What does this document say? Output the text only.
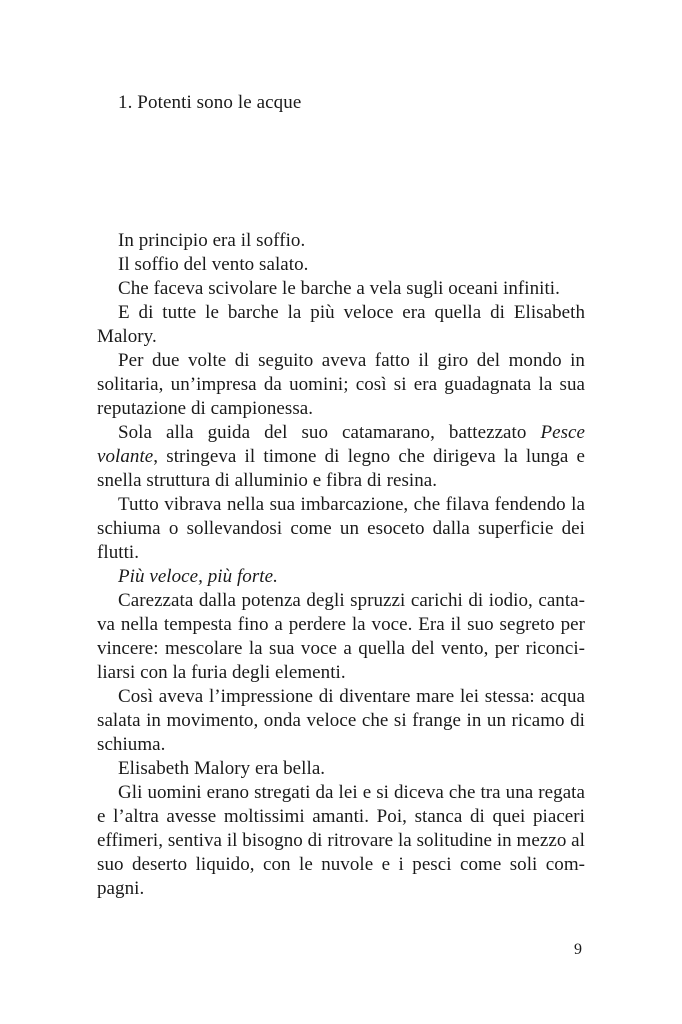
1. Potenti sono le acque

In principio era il soffio.

Il soffio del vento salato.

Che faceva scivolare le barche a vela sugli oceani infiniti.

E di tutte le barche la più veloce era quella di Elisabeth Malory.

Per due volte di seguito aveva fatto il giro del mondo in solitaria, un’impresa da uomini; così si era guadagnata la sua reputazione di campionessa.

Sola alla guida del suo catamarano, battezzato Pesce volante, stringeva il timone di legno che dirigeva la lunga e snella struttura di alluminio e fibra di resina.

Tutto vibrava nella sua imbarcazione, che filava fendendo la schiuma o sollevandosi come un esoceto dalla superficie dei flutti.

Più veloce, più forte.

Carezzata dalla potenza degli spruzzi carichi di iodio, cantava nella tempesta fino a perdere la voce. Era il suo segreto per vincere: mescolare la sua voce a quella del vento, per riconciliarsi con la furia degli elementi.

Così aveva l’impressione di diventare mare lei stessa: acqua salata in movimento, onda veloce che si frange in un ricamo di schiuma.

Elisabeth Malory era bella.

Gli uomini erano stregati da lei e si diceva che tra una regata e l’altra avesse moltissimi amanti. Poi, stanca di quei piaceri effimeri, sentiva il bisogno di ritrovare la solitudine in mezzo al suo deserto liquido, con le nuvole e i pesci come soli compagni.

9
